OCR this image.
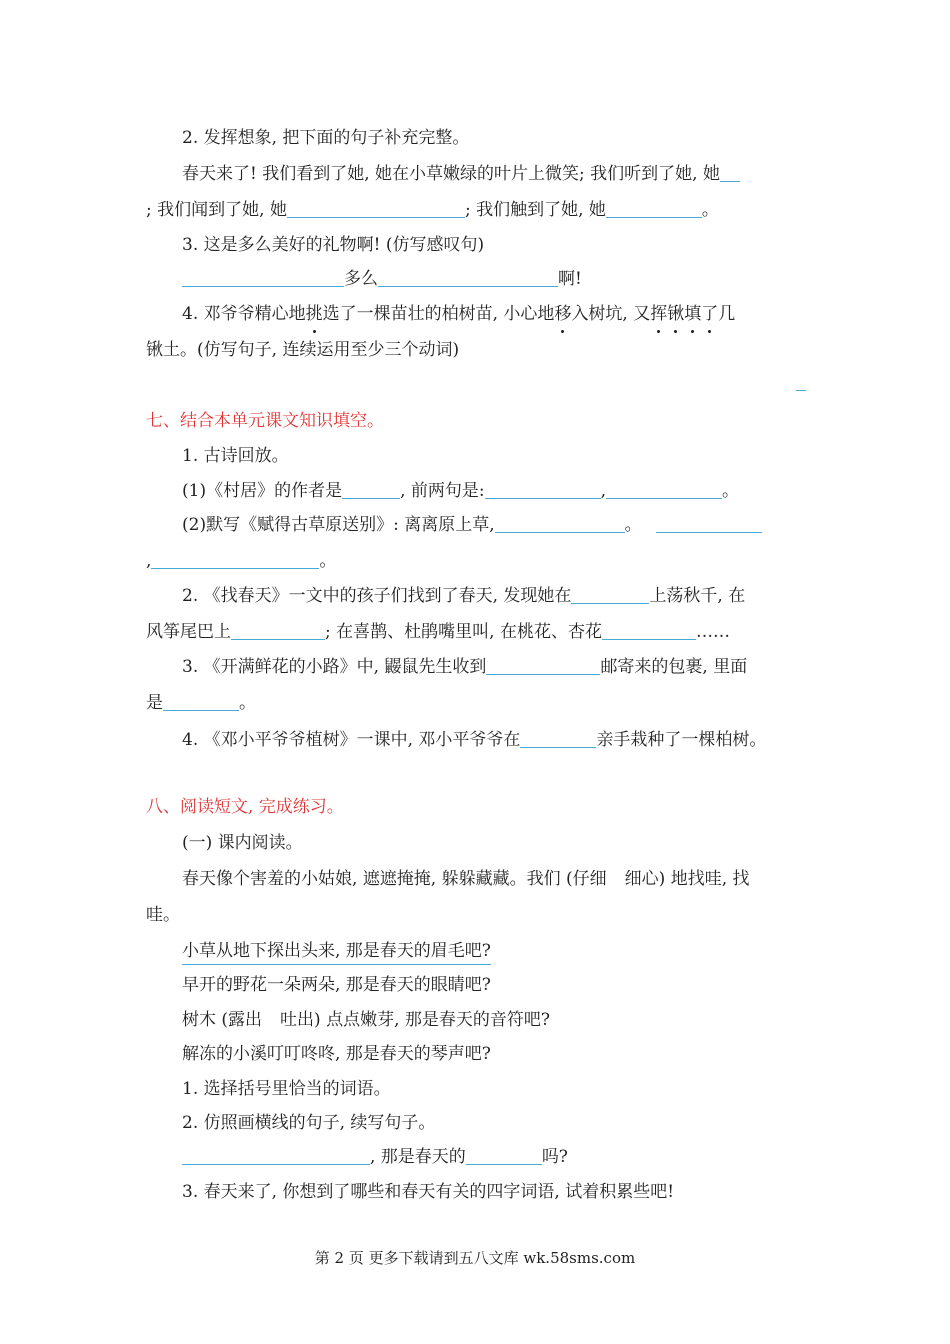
2. 发挥想象, 把下面的句子补充完整。
春天来了! 我们看到了她, 她在小草嫩绿的叶片上微笑; 我们听到了她, 她
; 我们闻到了她, 她	; 我们触到了她, 她	。
3. 这是多么美好的礼物啊! (仿写感叹句)
多么	啊!
4. 邓爷爷精心地挑选了一棵苗壮的柏树苗, 小心地移入树坑, 又挥锹填了几
锹土。(仿写句子, 连续运用至少三个动词)
七、结合本单元课文知识填空。
1. 古诗回放。
(1)《村居》的作者是	, 前两句是:	,	。
(2)默写《赋得古草原送别》: 离离原上草,	。
,	。
2. 《找春天》一文中的孩子们找到了春天, 发现她在	上荡秋千, 在
风筝尾巴上	; 在喜鹊、杜鹃嘴里叫, 在桃花、杏花	……
3. 《开满鲜花的小路》中, 鼹鼠先生收到	邮寄来的包裹, 里面
是	。
4. 《邓小平爷爷植树》一课中, 邓小平爷爷在	亲手栽种了一棵柏树。
八、阅读短文, 完成练习。
(一) 课内阅读。
春天像个害羞的小姑娘, 遮遮掩掩, 躲躲藏藏。我们 (仔细 细心) 地找哇, 找
哇。
小草从地下探出头来, 那是春天的眉毛吧?
早开的野花一朵两朵, 那是春天的眼睛吧?
树木 (露出 吐出) 点点嫩芽, 那是春天的音符吧?
解冻的小溪叮叮咚咚, 那是春天的琴声吧?
1. 选择括号里恰当的词语。
2. 仿照画横线的句子, 续写句子。
, 那是春天的	吗?
3. 春天来了, 你想到了哪些和春天有关的四字词语, 试着积累些吧!
第 2 页 更多下载请到五八文库 wk.58sms.com
